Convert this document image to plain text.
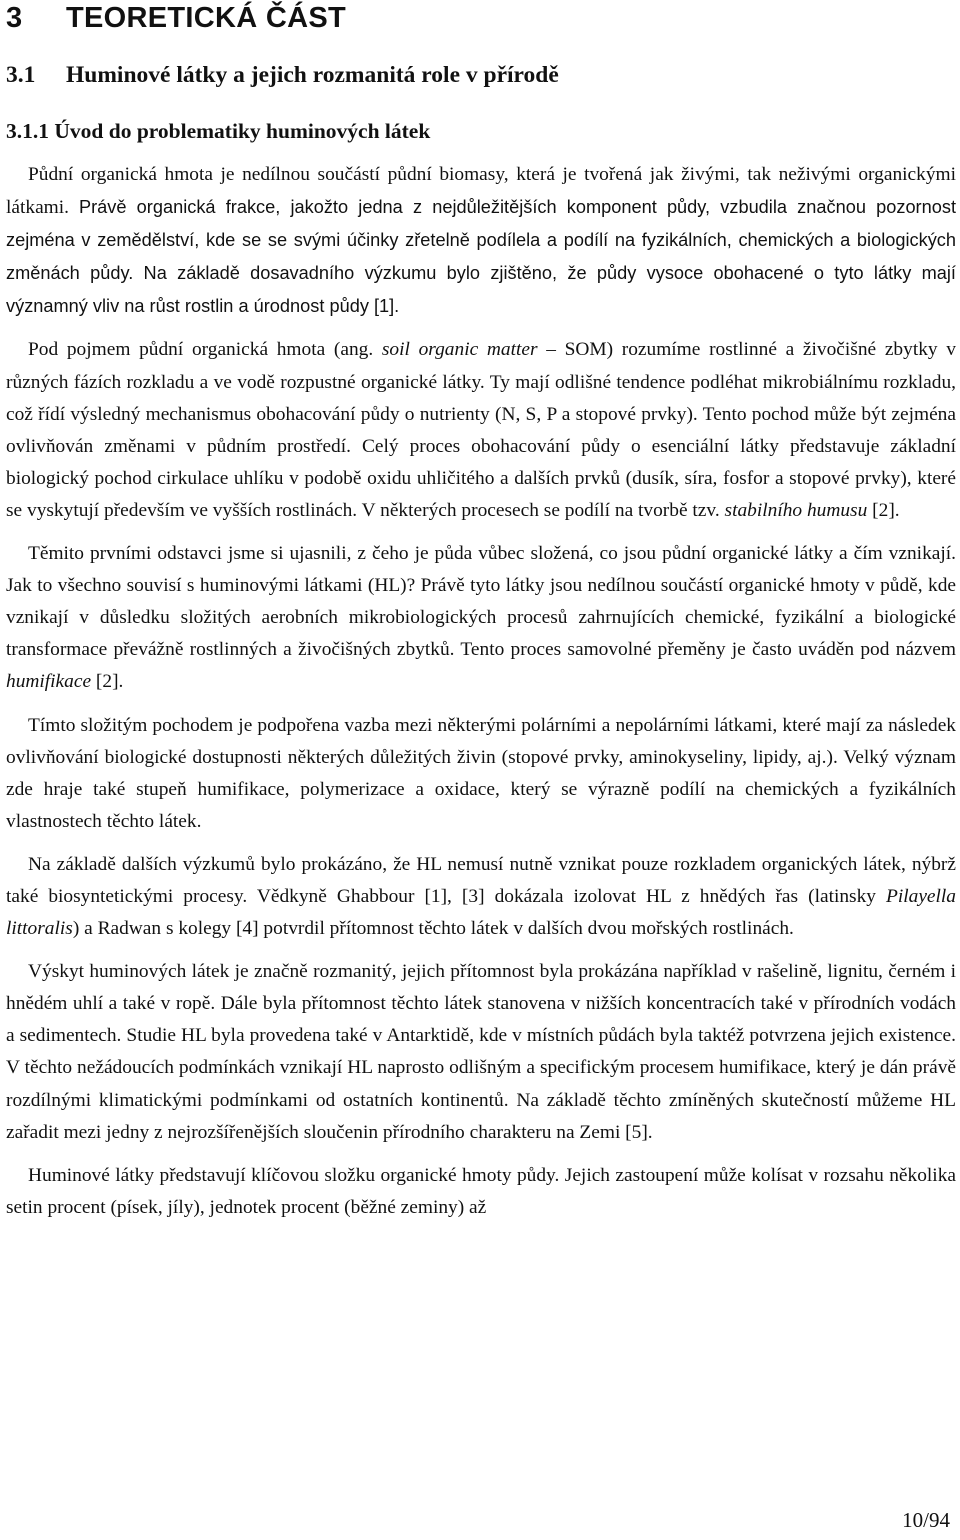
3 TEORETICKÁ ČÁST
3.1 Huminové látky a jejich rozmanitá role v přírodě
3.1.1 Úvod do problematiky huminových látek

Půdní organická hmota je nedílnou součástí půdní biomasy, která je tvořená jak živými, tak neživými organickými látkami. Právě organická frakce, jakožto jedna z nejdůležitějších komponent půdy, vzbudila značnou pozornost zejména v zemědělství, kde se se svými účinky zřetelně podílela a podílí na fyzikálních, chemických a biologických změnách půdy. Na základě dosavadního výzkumu bylo zjištěno, že půdy vysoce obohacené o tyto látky mají významný vliv na růst rostlin a úrodnost půdy [1].

Pod pojmem půdní organická hmota (ang. soil organic matter – SOM) rozumíme rostlinné a živočišné zbytky v různých fázích rozkladu a ve vodě rozpustné organické látky. Ty mají odlišné tendence podléhat mikrobiálnímu rozkladu, což řídí výsledný mechanismus obohacování půdy o nutrienty (N, S, P a stopové prvky). Tento pochod může být zejména ovlivňován změnami v půdním prostředí. Celý proces obohacování půdy o esenciální látky představuje základní biologický pochod cirkulace uhlíku v podobě oxidu uhličitého a dalších prvků (dusík, síra, fosfor a stopové prvky), které se vyskytují především ve vyšších rostlinách. V některých procesech se podílí na tvorbě tzv. stabilního humusu [2].

Těmito prvními odstavci jsme si ujasnili, z čeho je půda vůbec složená, co jsou půdní organické látky a čím vznikají. Jak to všechno souvisí s huminovými látkami (HL)? Právě tyto látky jsou nedílnou součástí organické hmoty v půdě, kde vznikají v důsledku složitých aerobních mikrobiologických procesů zahrnujících chemické, fyzikální a biologické transformace převážně rostlinných a živočišných zbytků. Tento proces samovolné přeměny je často uváděn pod názvem humifikace [2].

Tímto složitým pochodem je podpořena vazba mezi některými polárními a nepolárními látkami, které mají za následek ovlivňování biologické dostupnosti některých důležitých živin (stopové prvky, aminokyseliny, lipidy, aj.). Velký význam zde hraje také stupeň humifikace, polymerizace a oxidace, který se výrazně podílí na chemických a fyzikálních vlastnostech těchto látek.

Na základě dalších výzkumů bylo prokázáno, že HL nemusí nutně vznikat pouze rozkladem organických látek, nýbrž také biosyntetickými procesy. Vědkyně Ghabbour [1], [3] dokázala izolovat HL z hnědých řas (latinsky Pilayella littoralis) a Radwan s kolegy [4] potvrdil přítomnost těchto látek v dalších dvou mořských rostlinách.

Výskyt huminových látek je značně rozmanitý, jejich přítomnost byla prokázána například v rašelině, lignitu, černém i hnědém uhlí a také v ropě. Dále byla přítomnost těchto látek stanovena v nižších koncentracích také v přírodních vodách a sedimentech. Studie HL byla provedena také v Antarktidě, kde v místních půdách byla taktéž potvrzena jejich existence. V těchto nežádoucích podmínkách vznikají HL naprosto odlišným a specifickým procesem humifikace, který je dán právě rozdílnými klimatickými podmínkami od ostatních kontinentů. Na základě těchto zmíněných skutečností můžeme HL zařadit mezi jedny z nejrozšířenějších sloučenin přírodního charakteru na Zemi [5].

Huminové látky představují klíčovou složku organické hmoty půdy. Jejich zastoupení může kolísat v rozsahu několika setin procent (písek, jíly), jednotek procent (běžné zeminy) až

10/94
